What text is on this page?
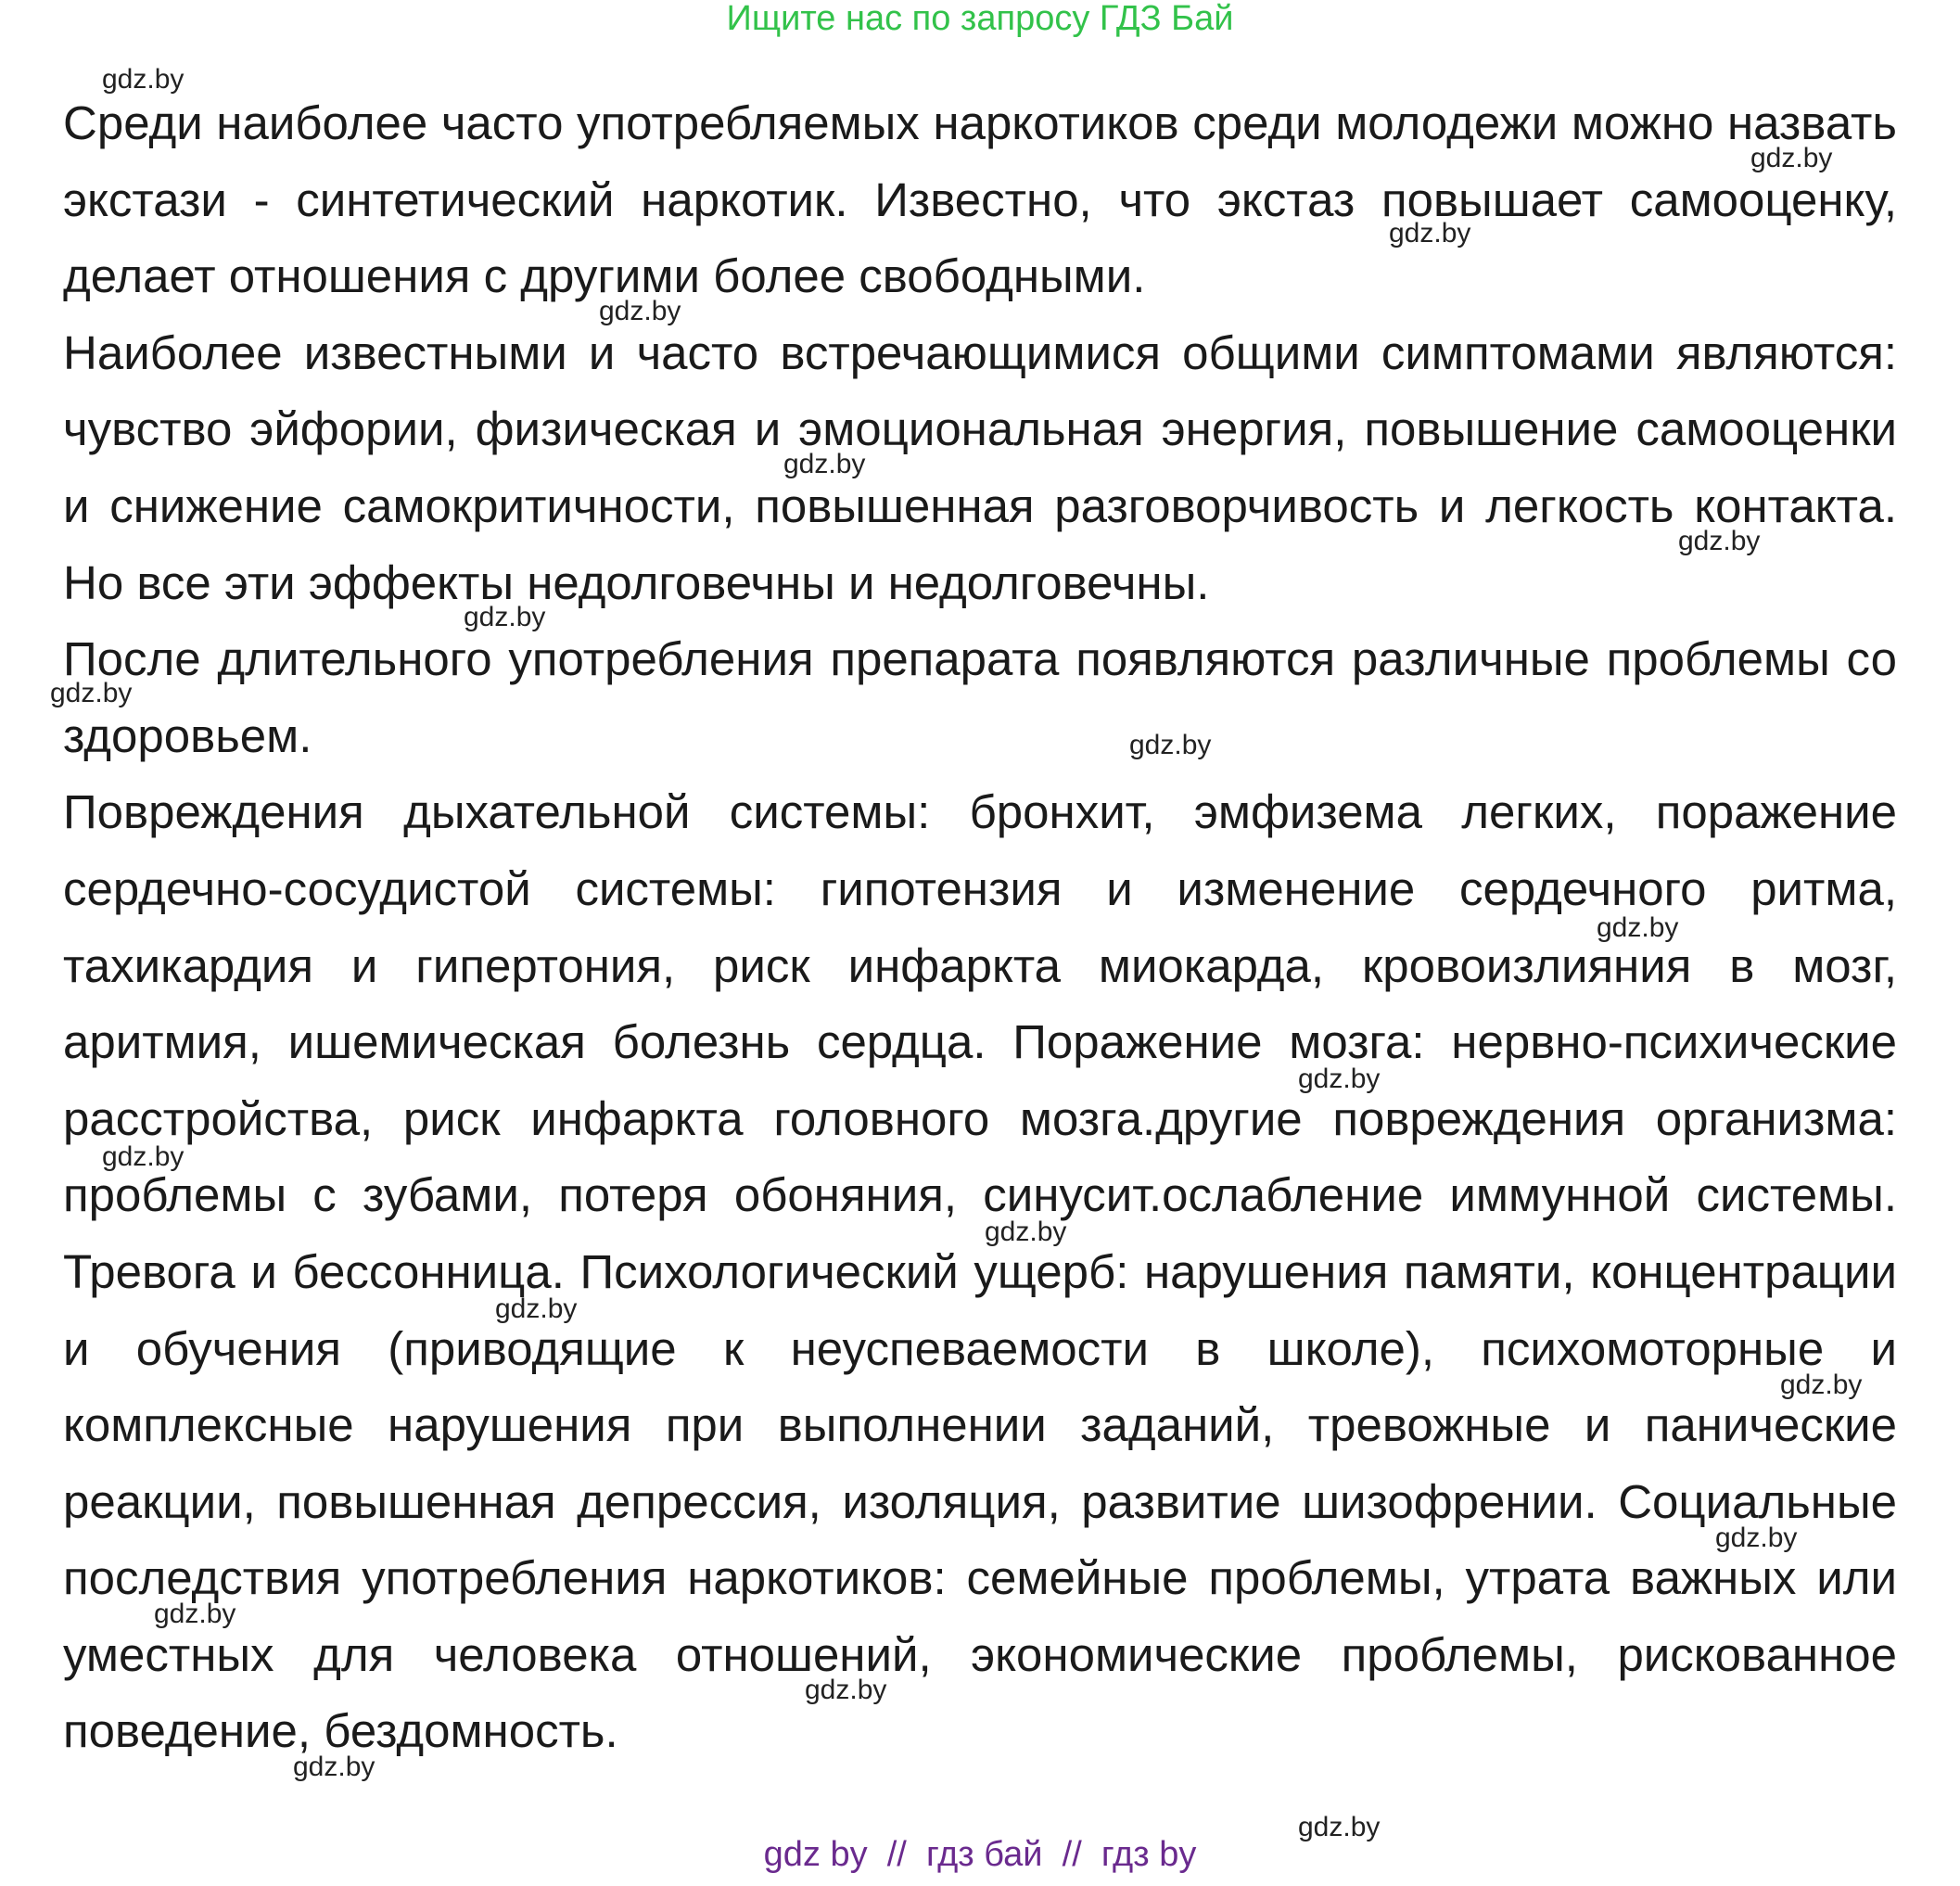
Ищите нас по запросу ГДЗ Бай

Среди наиболее часто употребляемых наркотиков среди молодежи можно назвать экстази - синтетический наркотик. Известно, что экстаз повышает самооценку, делает отношения с другими более свободными.

Наиболее известными и часто встречающимися общими симптомами являются: чувство эйфории, физическая и эмоциональная энергия, повышение самооценки и снижение самокритичности, повышенная разговорчивость и легкость контакта. Но все эти эффекты недолговечны и недолговечны.

После длительного употребления препарата появляются различные проблемы со здоровьем.

Повреждения дыхательной системы: бронхит, эмфизема легких, поражение сердечно-сосудистой системы: гипотензия и изменение сердечного ритма, тахикардия и гипертония, риск инфаркта миокарда, кровоизлияния в мозг, аритмия, ишемическая болезнь сердца. Поражение мозга: нервно-психические расстройства, риск инфаркта головного мозга.другие повреждения организма: проблемы с зубами, потеря обоняния, синусит.ослабление иммунной системы. Тревога и бессонница. Психологический ущерб: нарушения памяти, концентрации и обучения (приводящие к неуспеваемости в школе), психомоторные и комплексные нарушения при выполнении заданий, тревожные и панические реакции, повышенная депрессия, изоляция, развитие шизофрении. Социальные последствия употребления наркотиков: семейные проблемы, утрата важных или уместных для человека отношений, экономические проблемы, рискованное поведение, бездомность.

gdz.by
gdz.by
gdz.by
gdz.by
gdz.by
gdz.by
gdz.by
gdz.by
gdz.by
gdz.by
gdz.by
gdz.by
gdz.by
gdz.by
gdz.by
gdz.by
gdz.by
gdz.by
gdz.by
gdz.by
gdz by  //  гдз бай  //  гдз by
